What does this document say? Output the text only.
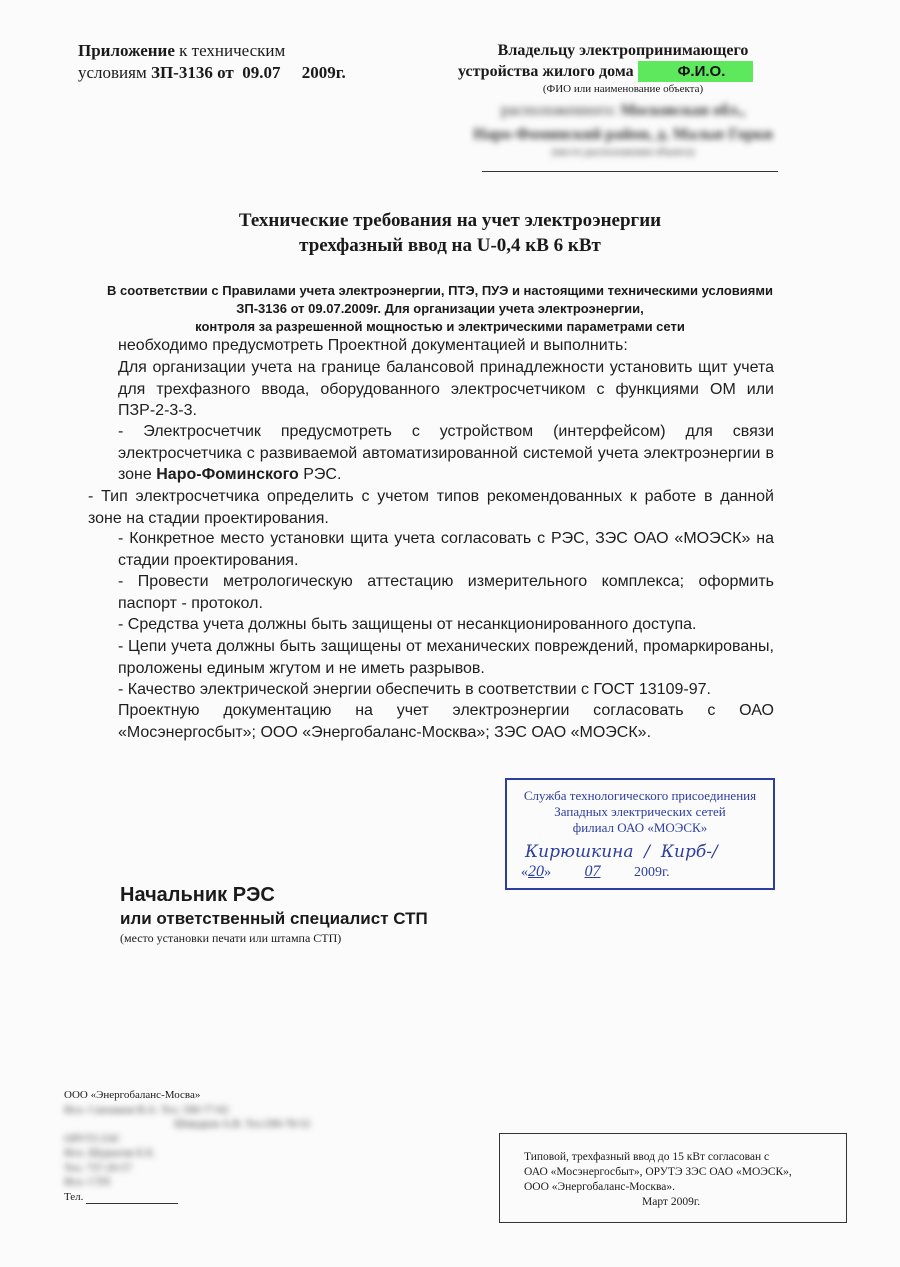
Приложение к техническим
условиям ЗП-3136 от  09.07     2009г.
Владельцу электропринимающего
устройства жилого дома	Ф.И.О.
(ФИО или наименование объекта)
расположенного: Московская обл.,
Наро-Фоминский район, д. Малые Горки
(место расположения объекта)
Технические требования на учет электроэнергии
трехфазный ввод на U-0,4 кВ 6 кВт
В соответствии с Правилами учета электроэнергии, ПТЭ, ПУЭ и настоящими техническими условиями
ЗП-3136 от 09.07.2009г. Для организации учета электроэнергии,
контроля за разрешенной мощностью и электрическими параметрами сети
необходимо предусмотреть Проектной документацией и выполнить:
Для организации учета на границе балансовой принадлежности установить щит учета для трехфазного ввода, оборудованного электросчетчиком с функциями ОМ или ПЗР-2-3-3.
- Электросчетчик предусмотреть с устройством (интерфейсом) для связи электросчетчика с развиваемой автоматизированной системой учета электроэнергии в зоне Наро-Фоминского РЭС.
- Тип электросчетчика определить с учетом типов рекомендованных к работе в данной зоне на стадии проектирования.
- Конкретное место установки щита учета согласовать с РЭС, ЗЭС ОАО «МОЭСК» на стадии проектирования.
- Провести метрологическую аттестацию измерительного комплекса; оформить паспорт - протокол.
- Средства учета должны быть защищены от несанкционированного доступа.
- Цепи учета должны быть защищены от механических повреждений, промаркированы, проложены единым жгутом и не иметь разрывов.
- Качество электрической энергии обеспечить в соответствии с ГОСТ 13109-97.
Проектную документацию на учет электроэнергии согласовать с ОАО «Мосэнергосбыт»; ООО «Энергобаланс-Москва»; ЗЭС ОАО «МОЭСК».
Служба технологического присоединения
Западных электрических сетей
филиал ОАО «МОЭСК»
Кирюшкина  /  Кирб-/
«20» 07 2009г.
Начальник РЭС
или ответственный специалист СТП
(место установки печати или штампа СТП)
ООО «Энергобаланс-Мосва»
Исп. Сапожков В.А. Тел. 590-77-62
Шмидков А.В. Тел.590-78-52
ОРУТЗ ЗЭС
Исп. Шурыгин Е.Е.
Тел. 737-20-57
Исп. СТП
Тел.
Типовой, трехфазный ввод до 15 кВт согласован с
ОАО «Мосэнергосбыт», ОРУТЭ ЗЭС ОАО «МОЭСК»,
ООО «Энергобаланс-Москва».
Март 2009г.
